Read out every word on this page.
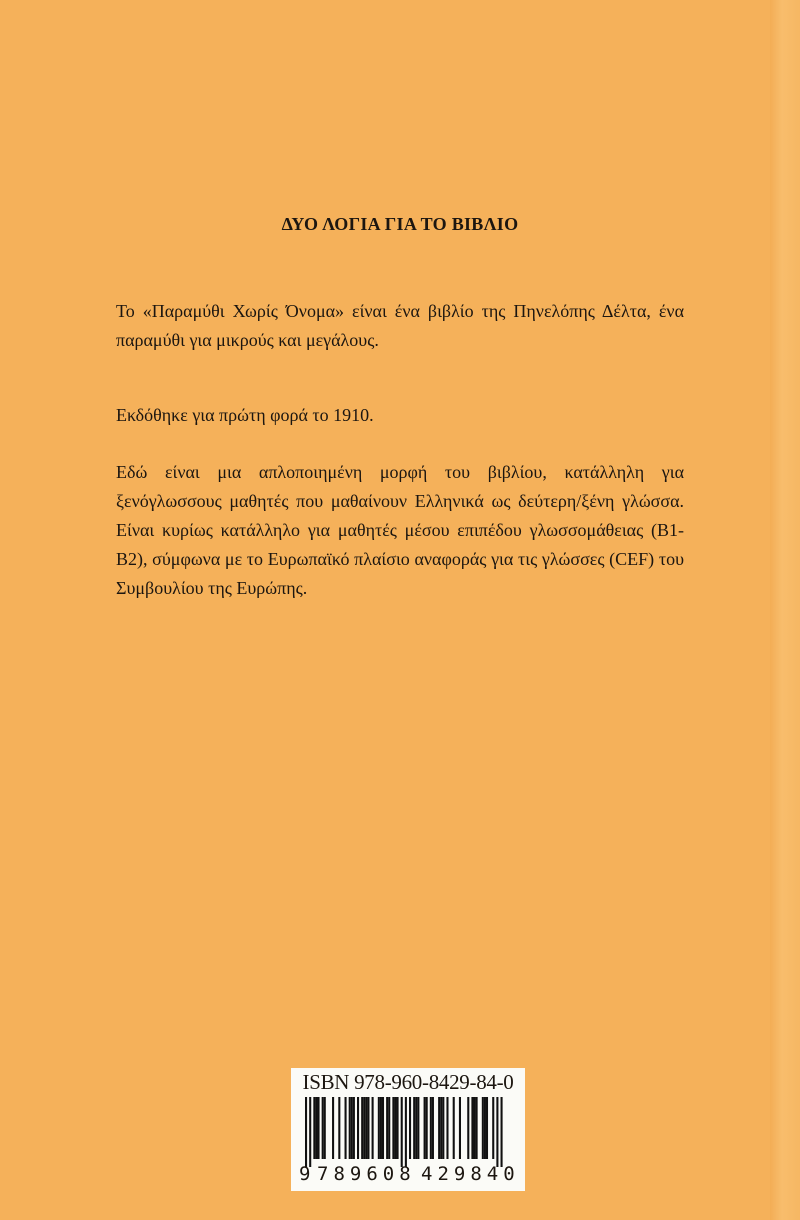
ΔΥΟ ΛΟΓΙΑ ΓΙΑ ΤΟ ΒΙΒΛΙΟ
Το «Παραμύθι Χωρίς Όνομα» είναι ένα βιβλίο της Πηνελόπης Δέλτα, ένα παραμύθι για μικρούς και μεγάλους.
Εκδόθηκε για πρώτη φορά το 1910.
Εδώ είναι μια απλοποιημένη μορφή του βιβλίου, κατάλληλη για ξενόγλωσσους μαθητές που μαθαίνουν Ελληνικά ως δεύτερη/ξένη γλώσσα. Είναι κυρίως κατάλληλο για μαθητές μέσου επιπέδου γλωσσομάθειας (B1-B2), σύμφωνα με το Ευρωπαϊκό πλαίσιο αναφοράς για τις γλώσσες (CEF) του Συμβουλίου της Ευρώπης.
ISBN 978-960-8429-84-0
9 789608 429840
